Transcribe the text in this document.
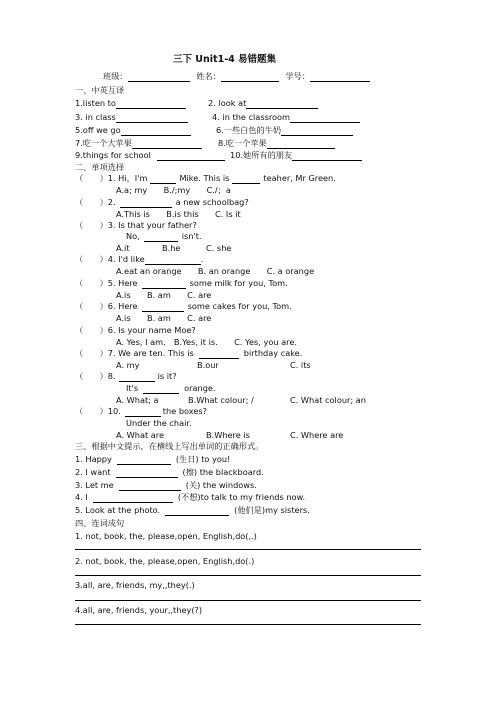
三下 Unit1-4 易错题集
班级：	姓名：	学号：
一、中英互译
1.listen to	2. look at
3. in class	4. in the classroom
5.off we go	6.一些白色的牛奶
7.吃一个大苹果	8.吃一个苹果
9.things for school	10.她所有的朋友
二、单项选择
（　　）1. Hi，I'm	Mike. This is	teaher, Mr Green.
A.a; my　　B./;my　　C./；a
（　　）2.	a new schoolbag?
A.This is　　B.is this　　C. Is it
（　　）3. Is that your father?
No,	isn't.
A.it	B.he	C. she
（　　）4. I'd like	.
A.eat an orange　　B. an orange　　C. a orange
（　　）5. Here	some milk for you, Tom.
A.is　　B. am　　C. are
（　　）6. Here	some cakes for you, Tom.
A.is　　B. am　　C. are
（　　）6. Is your name Moe?
A. Yes, I am.　B.Yes, it is.　　C. Yes, you are.
（　　）7. We are ten. This is	birthday cake.
A. my	B.our	C. its
（　　）8.	is it?
It's	orange.
A. What; a	B.What colour; /	C. What colour; an
（　　）10.	the boxes?
Under the chair.
A. What are	B.Where is	C. Where are
三、根据中文提示，在横线上写出单词的正确形式。
1. Happy	(生日) to you!
2. I want	(擦) the blackboard.
3. Let me	(关) the windows.
4. I	(不想)to talk to my friends now.
5. Look at the photo.	(他们是)my sisters.
四、连词成句
1. not, book, the, please,open, English,do(,.)
2. not, book, the, please,open, English,do(.)
3.all, are, friends, my,,they(.)
4.all, are, friends, your,,they(?)
